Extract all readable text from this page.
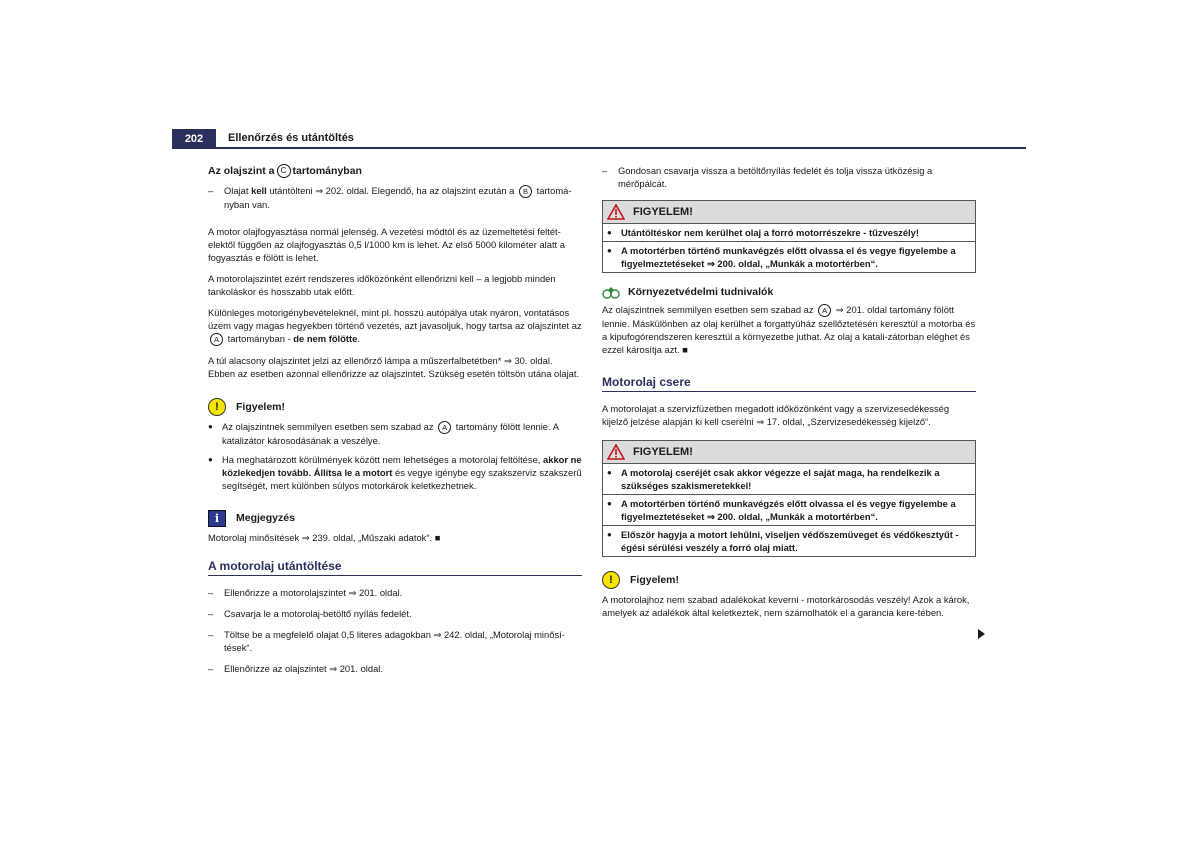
202	Ellenőrzés és utántöltés
Az olajszint a C tartományban
–	Olajat kell utántölteni ⇒ 202. oldal. Elegendő, ha az olajszint ezután a B tartomá-nyban van.

A motor olajfogyasztása normál jelenség. A vezetési módtól és az üzemeltetési feltét-elektől függően az olajfogyasztás 0,5 l/1000 km is lehet. Az első 5000 kilométer alatt a fogyasztás e fölött is lehet.

A motorolajszintet ezért rendszeres időközönként ellenőrizni kell – a legjobb minden tankoláskor és hosszabb utak előtt.

Különleges motorigénybevételeknél, mint pl. hosszú autópálya utak nyáron, vontatásos üzem vagy magas hegyekben történő vezetés, azt javasoljuk, hogy tartsa az olajszintet az A tartományban - de nem fölötte.

A túl alacsony olajszintet jelzi az ellenőrző lámpa a műszerfalbetétben* ⇒ 30. oldal. Ebben az esetben azonnal ellenőrizze az olajszintet. Szükség esetén töltsön utána olajat.

!	Figyelem!
● Az olajszintnek semmilyen esetben sem szabad az A tartomány fölött lennie. A katalizátor károsodásának a veszélye.
● Ha meghatározott körülmények között nem lehetséges a motorolaj feltöltése, akkor ne közlekedjen tovább. Állítsa le a motort és vegye igénybe egy szakszerviz szakszerű segítségét, mert különben súlyos motorkárok keletkezhetnek.
i	Megjegyzés

Motorolaj minősítések ⇒ 239. oldal, „Műszaki adatok“. ■

A motorolaj utántöltése
–	Ellenőrizze a motorolajszintet ⇒ 201. oldal.
–	Csavarja le a motorolaj-betöltő nyílás fedelét.
–	Töltse be a megfelelő olajat 0,5 literes adagokban ⇒ 242. oldal, „Motorolaj minősí-tések“.
–	Ellenőrizze az olajszintet ⇒ 201. oldal.
–	Gondosan csavarja vissza a betöltőnyílás fedelét és tolja vissza ütközésig a mérőpálcát.
FIGYELEM!
● Utántöltéskor nem kerülhet olaj a forró motorrészekre - tűzveszély!
● A motortérben történő munkavégzés előtt olvassa el és vegye figyelembe a figyelmeztetéseket ⇒ 200. oldal, „Munkák a motortérben“.
Környezetvédelmi tudnivalók

Az olajszintnek semmilyen esetben sem szabad az A ⇒ 201. oldal tartomány fölött lennie. Máskülönben az olaj kerülhet a forgattyúház szellőztetésén keresztül a motorba és a kipufogórendszeren keresztül a környezetbe juthat. Az olaj a katali-zátorban eléghet és ezzel károsítja azt. ■

Motorolaj csere

A motorolajat a szervizfüzetben megadott időközönként vagy a szervizesedékesség kijelző jelzése alapján ki kell cserélni ⇒ 17. oldal, „Szervizesedékesség kijelző“.

FIGYELEM!
● A motorolaj cseréjét csak akkor végezze el saját maga, ha rendelkezik a szükséges szakismeretekkel!
● A motortérben történő munkavégzés előtt olvassa el és vegye figyelembe a figyelmeztetéseket ⇒ 200. oldal, „Munkák a motortérben“.
● Először hagyja a motort lehűlni, viseljen védőszemüveget és védőkesztyűt - égési sérülési veszély a forró olaj miatt.
!	Figyelem!

A motorolajhoz nem szabad adalékokat keverni - motorkárosodás veszély! Azok a károk, amelyek az adalékok által keletkeztek, nem számolhatók el a garancia kere-tében.
